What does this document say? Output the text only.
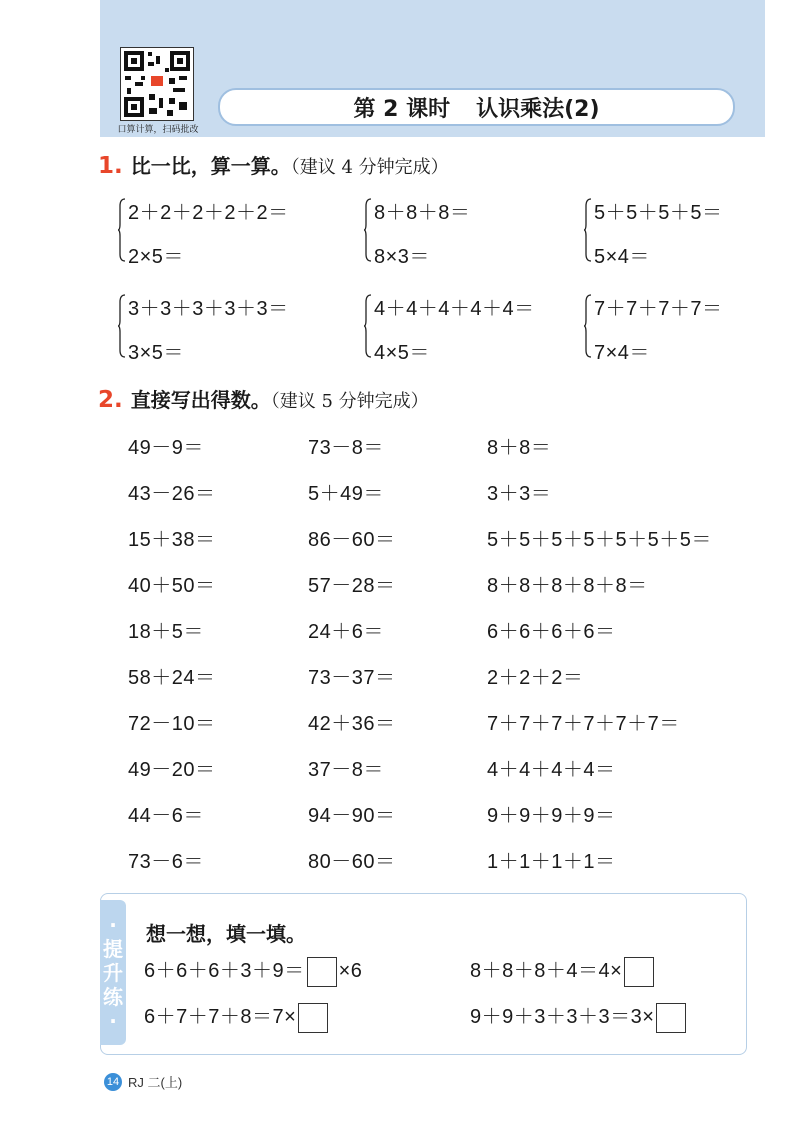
口算计算，扫码批改
第 2 课时 认识乘法(2)
1. 比一比，算一算。（建议 4 分钟完成）
2＋2＋2＋2＋2＝
2×5＝
8＋8＋8＝
8×3＝
5＋5＋5＋5＝
5×4＝
3＋3＋3＋3＋3＝
3×5＝
4＋4＋4＋4＋4＝
4×5＝
7＋7＋7＋7＝
7×4＝
2. 直接写出得数。（建议 5 分钟完成）
49－9＝	73－8＝	8＋8＝
43－26＝	5＋49＝	3＋3＝
15＋38＝	86－60＝	5＋5＋5＋5＋5＋5＋5＝
40＋50＝	57－28＝	8＋8＋8＋8＋8＝
18＋5＝	24＋6＝	6＋6＋6＋6＝
58＋24＝	73－37＝	2＋2＋2＝
72－10＝	42＋36＝	7＋7＋7＋7＋7＋7＝
49－20＝	37－8＝	4＋4＋4＋4＝
44－6＝	94－90＝	9＋9＋9＋9＝
73－6＝	80－60＝	1＋1＋1＋1＝
·
提
升
练
·
想一想，填一填。
6＋6＋6＋3＋9＝ ×6	8＋8＋8＋4＝4×
6＋7＋7＋8＝7×	9＋9＋3＋3＋3＝3×
14 RJ 二(上)
